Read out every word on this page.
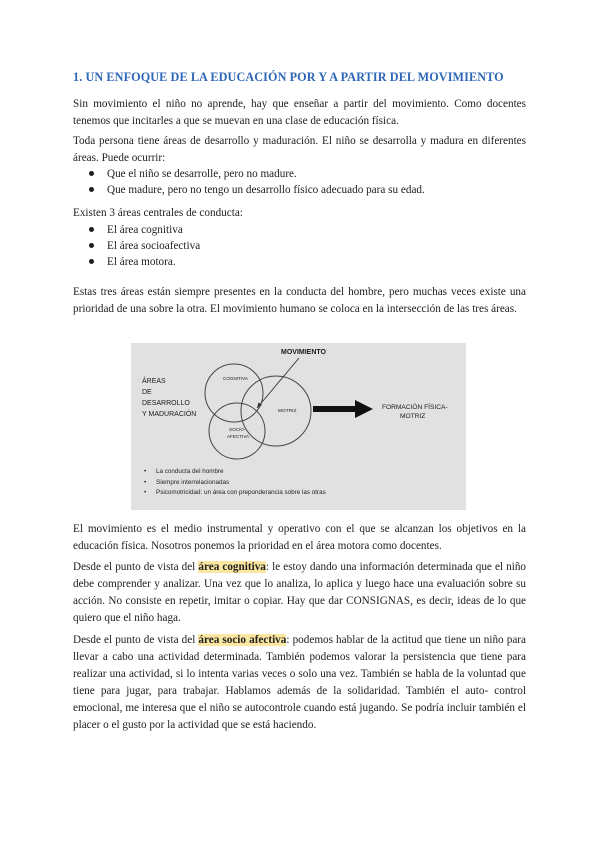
1. UN ENFOQUE DE LA EDUCACIÓN POR Y A PARTIR DEL MOVIMIENTO

Sin movimiento el niño no aprende, hay que enseñar a partir del movimiento. Como docentes tenemos que incitarles a que se muevan en una clase de educación física.

Toda persona tiene áreas de desarrollo y maduración. El niño se desarrolla y madura en diferentes áreas. Puede ocurrir:

Que el niño se desarrolle, pero no madure.
Que madure, pero no tengo un desarrollo físico adecuado para su edad.

Existen 3 áreas centrales de conducta:

El área cognitiva
El área socioafectiva
El área motora.

Estas tres áreas están siempre presentes en la conducta del hombre, pero muchas veces existe una prioridad de una sobre la otra. El movimiento humano se coloca en la intersección de las tres áreas.

ÁREAS
DE
DESARROLLO
Y MADURACIÓN
COGNITIVA
MOTRIZ
SOCIO-
AFECTIVA
MOVIMIENTO
FORMACIÓN FÍSICA-
MOTRIZ
• La conducta del hombre
• Siempre interrelacionadas
• Psicomotricidad: un área con preponderancia sobre las otras

El movimiento es el medio instrumental y operativo con el que se alcanzan los objetivos en la educación física. Nosotros ponemos la prioridad en el área motora como docentes.

Desde el punto de vista del área cognitiva: le estoy dando una información determinada que el niño debe comprender y analizar. Una vez que lo analiza, lo aplica y luego hace una evaluación sobre su acción. No consiste en repetir, imitar o copiar. Hay que dar CONSIGNAS, es decir, ideas de lo que quiero que el niño haga.

Desde el punto de vista del área socio afectiva: podemos hablar de la actitud que tiene un niño para llevar a cabo una actividad determinada. También podemos valorar la persistencia que tiene para realizar una actividad, si lo intenta varias veces o solo una vez. También se habla de la voluntad que tiene para jugar, para trabajar. Hablamos además de la solidaridad. También el auto- control emocional, me interesa que el niño se autocontrole cuando está jugando. Se podría incluir también el placer o el gusto por la actividad que se está haciendo.
